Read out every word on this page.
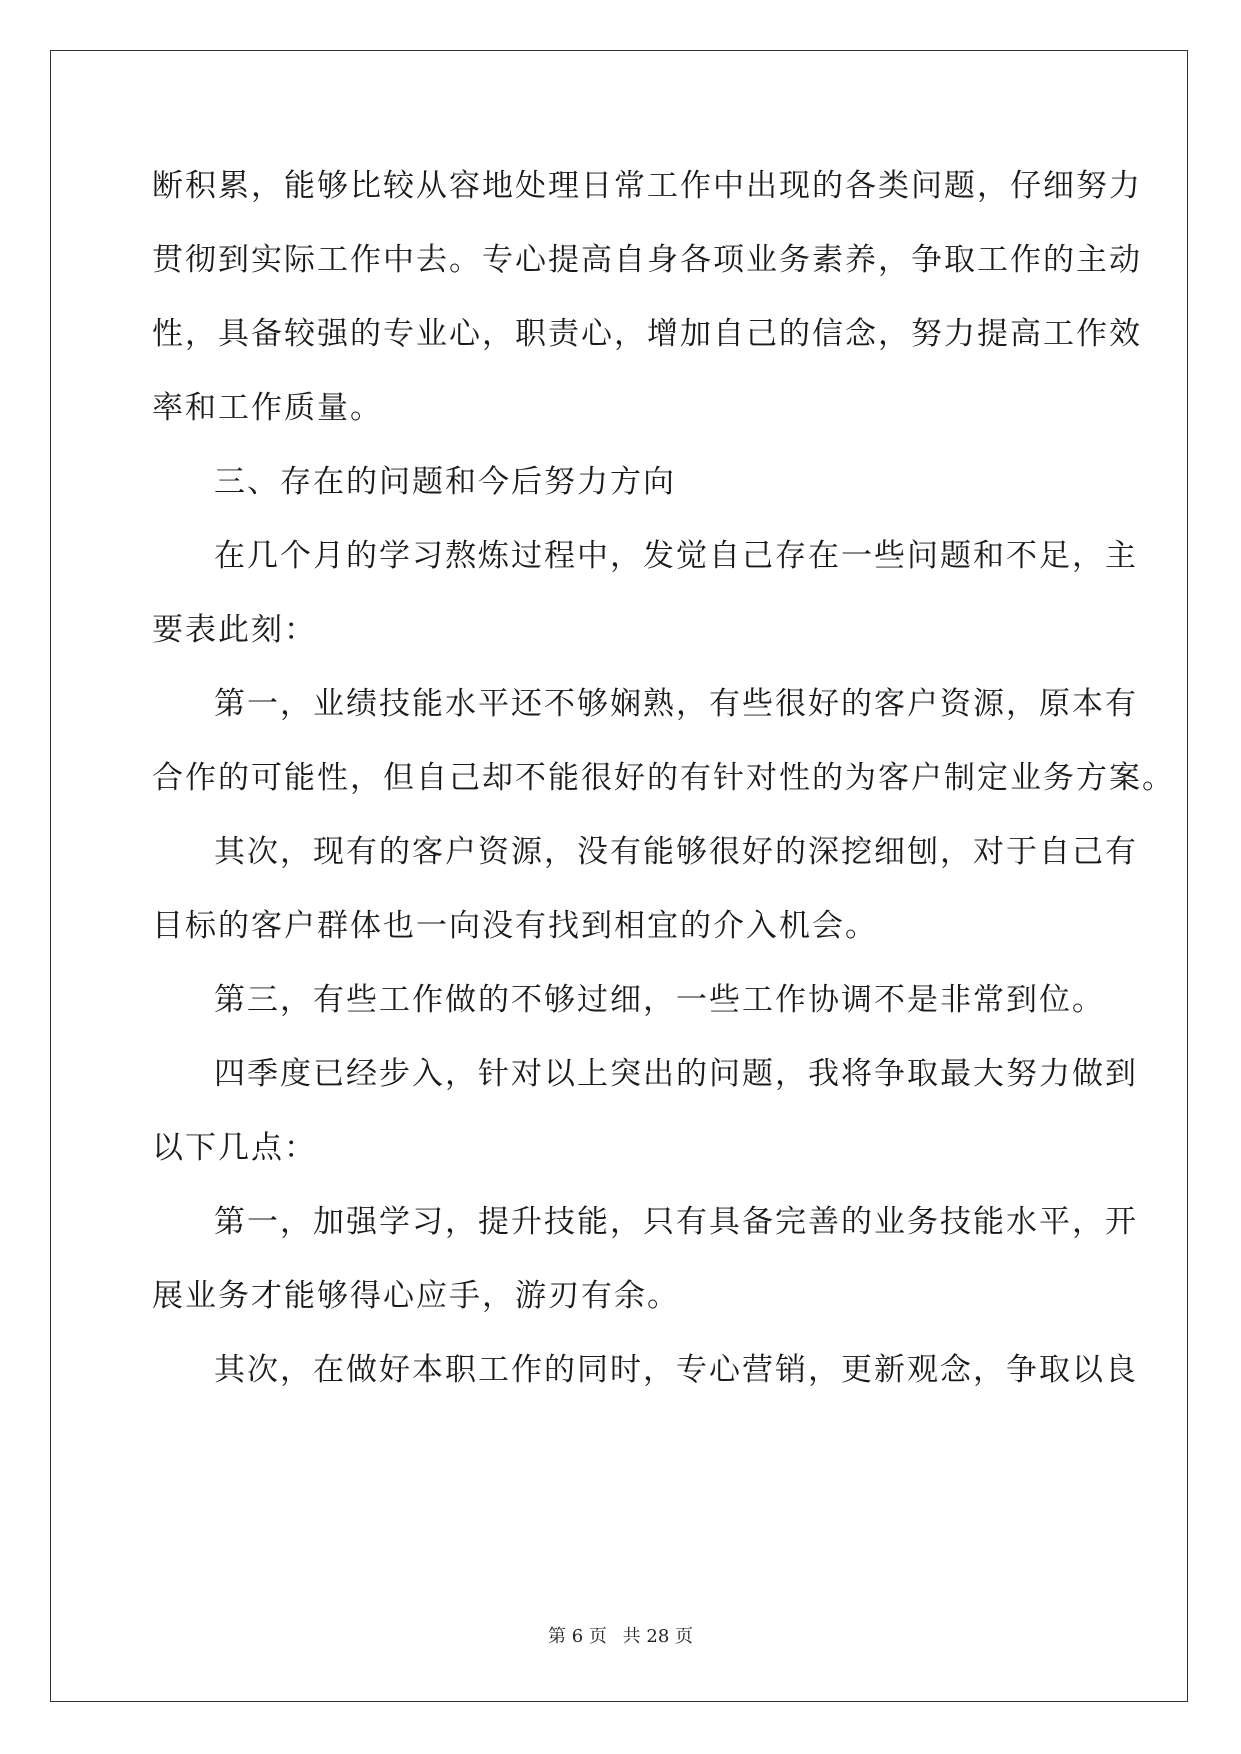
断积累，能够比较从容地处理日常工作中出现的各类问题，仔细努力
贯彻到实际工作中去。专心提高自身各项业务素养，争取工作的主动
性，具备较强的专业心，职责心，增加自己的信念，努力提高工作效
率和工作质量。
三、存在的问题和今后努力方向
在几个月的学习熬炼过程中，发觉自己存在一些问题和不足，主
要表此刻：
第一，业绩技能水平还不够娴熟，有些很好的客户资源，原本有
合作的可能性，但自己却不能很好的有针对性的为客户制定业务方案。
其次，现有的客户资源，没有能够很好的深挖细刨，对于自己有
目标的客户群体也一向没有找到相宜的介入机会。
第三，有些工作做的不够过细，一些工作协调不是非常到位。
四季度已经步入，针对以上突出的问题，我将争取最大努力做到
以下几点：
第一，加强学习，提升技能，只有具备完善的业务技能水平，开
展业务才能够得心应手，游刃有余。
其次，在做好本职工作的同时，专心营销，更新观念，争取以良
第 6 页 共 28 页
